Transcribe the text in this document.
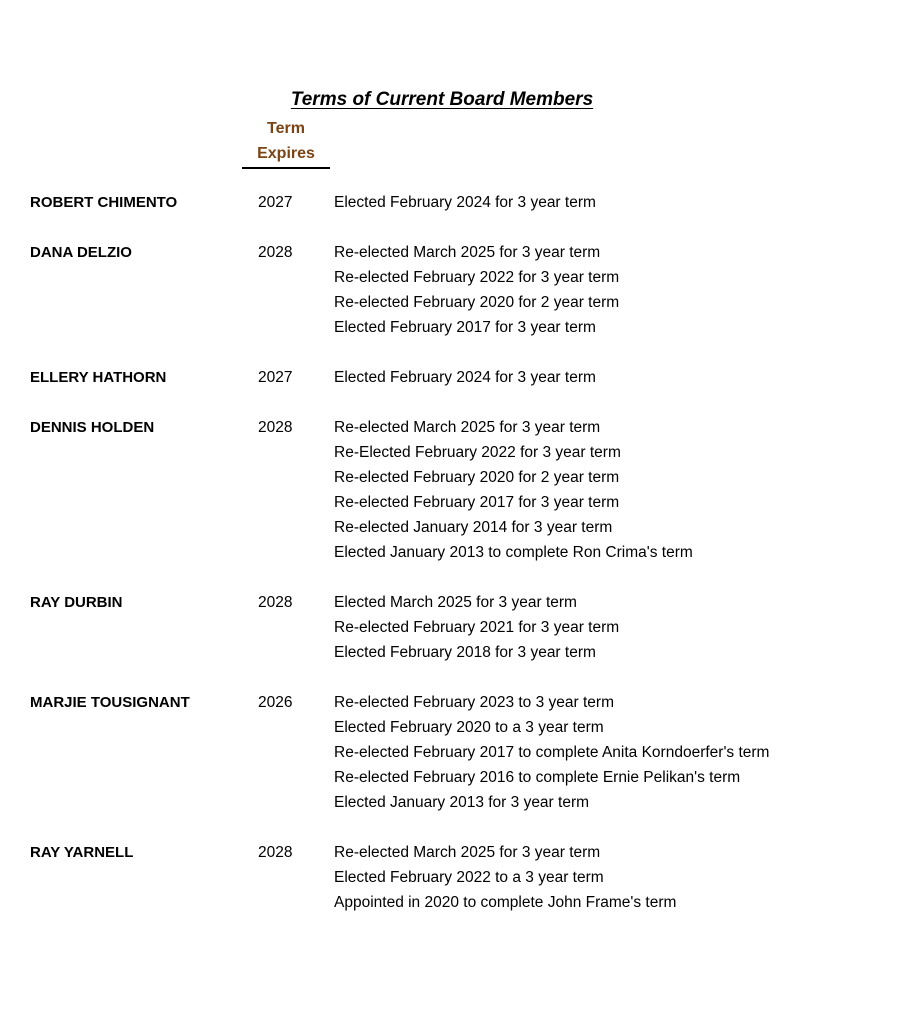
Terms of Current Board Members
Term
Expires
ROBERT CHIMENTO	2027	Elected February 2024 for 3 year term
DANA DELZIO	2028	Re-elected March 2025 for 3 year term
Re-elected February 2022 for 3 year term
Re-elected February 2020 for 2 year term
Elected February 2017 for 3 year term
ELLERY HATHORN	2027	Elected February 2024 for 3 year term
DENNIS HOLDEN	2028	Re-elected March 2025 for 3 year term
Re-Elected February 2022 for 3 year term
Re-elected February 2020 for 2 year term
Re-elected February 2017 for 3 year term
Re-elected January 2014 for 3 year term
Elected January 2013 to complete Ron Crima's term
RAY DURBIN	2028	Elected March 2025 for 3 year term
Re-elected February 2021 for 3 year term
Elected February 2018 for 3 year term
MARJIE TOUSIGNANT	2026	Re-elected February 2023 to 3 year term
Elected February 2020 to a 3 year term
Re-elected February 2017 to complete Anita Korndoerfer's term
Re-elected February 2016 to complete Ernie Pelikan's term
Elected January 2013 for 3 year term
RAY YARNELL	2028	Re-elected March 2025 for 3 year term
Elected February 2022 to a 3 year term
Appointed in 2020 to complete John Frame's term
